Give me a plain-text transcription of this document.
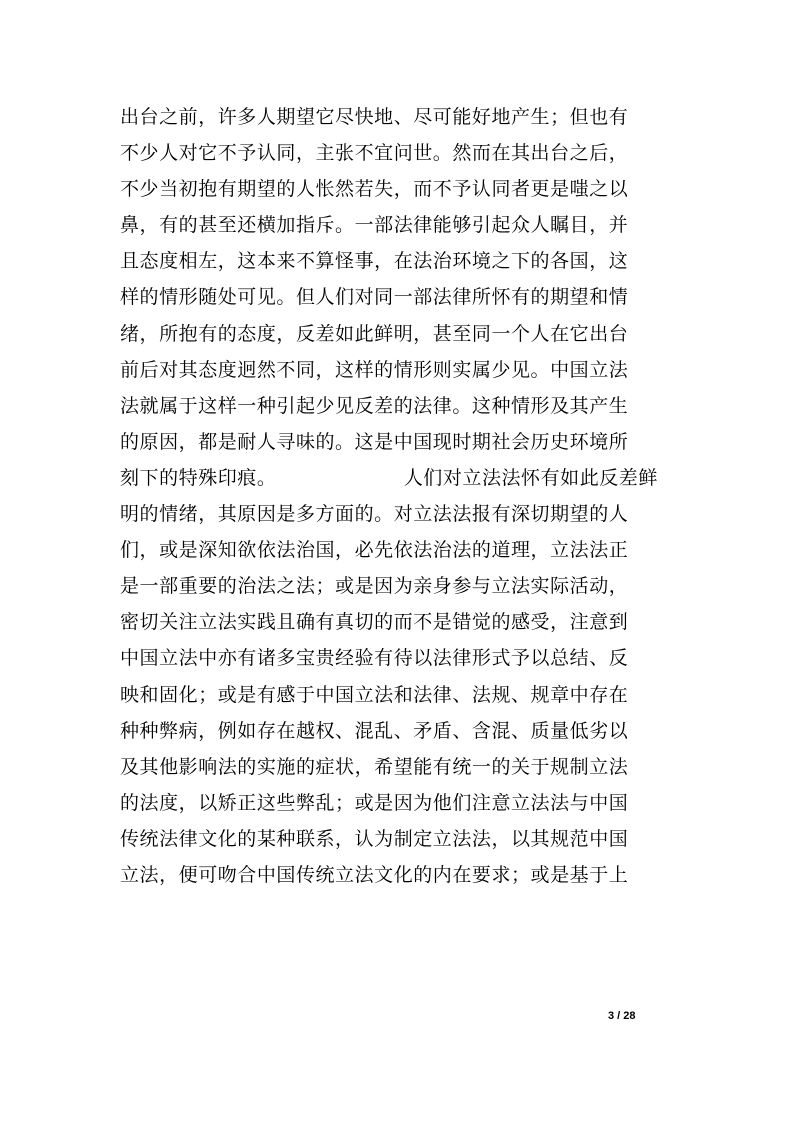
出台之前，许多人期望它尽快地、尽可能好地产生；但也有
不少人对它不予认同，主张不宜问世。然而在其出台之后，
不少当初抱有期望的人怅然若失，而不予认同者更是嗤之以
鼻，有的甚至还横加指斥。一部法律能够引起众人瞩目，并
且态度相左，这本来不算怪事，在法治环境之下的各国，这
样的情形随处可见。但人们对同一部法律所怀有的期望和情
绪，所抱有的态度，反差如此鲜明，甚至同一个人在它出台
前后对其态度迥然不同，这样的情形则实属少见。中国立法
法就属于这样一种引起少见反差的法律。这种情形及其产生
的原因，都是耐人寻味的。这是中国现时期社会历史环境所
刻下的特殊印痕。　　　　　　　人们对立法法怀有如此反差鲜
明的情绪，其原因是多方面的。对立法法报有深切期望的人
们，或是深知欲依法治国，必先依法治法的道理，立法法正
是一部重要的治法之法；或是因为亲身参与立法实际活动，
密切关注立法实践且确有真切的而不是错觉的感受，注意到
中国立法中亦有诸多宝贵经验有待以法律形式予以总结、反
映和固化；或是有感于中国立法和法律、法规、规章中存在
种种弊病，例如存在越权、混乱、矛盾、含混、质量低劣以
及其他影响法的实施的症状，希望能有统一的关于规制立法
的法度，以矫正这些弊乱；或是因为他们注意立法法与中国
传统法律文化的某种联系，认为制定立法法，以其规范中国
立法，便可吻合中国传统立法文化的内在要求；或是基于上
3 / 28
